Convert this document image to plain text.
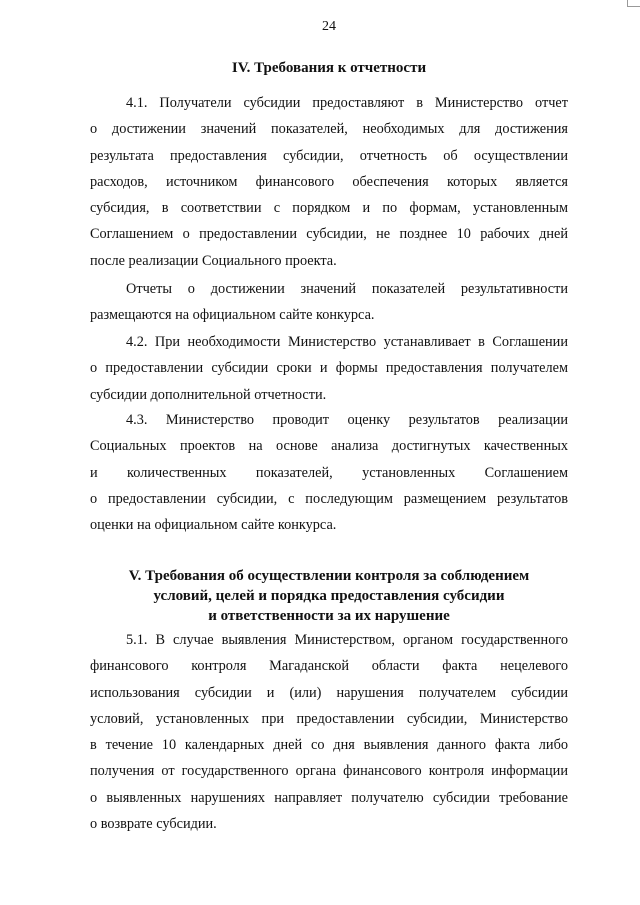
24
IV. Требования к отчетности
4.1. Получатели субсидии предоставляют в Министерство отчет
о достижении значений показателей, необходимых для достижения
результата предоставления субсидии, отчетность об осуществлении
расходов, источником финансового обеспечения которых является
субсидия, в соответствии с порядком и по формам, установленным
Соглашением о предоставлении субсидии, не позднее 10 рабочих дней
после реализации Социального проекта.
Отчеты о достижении значений показателей результативности
размещаются на официальном сайте конкурса.
4.2. При необходимости Министерство устанавливает в Соглашении
о предоставлении субсидии сроки и формы предоставления получателем
субсидии дополнительной отчетности.
4.3. Министерство проводит оценку результатов реализации
Социальных проектов на основе анализа достигнутых качественных
и количественных показателей, установленных Соглашением
о предоставлении субсидии, с последующим размещением результатов
оценки на официальном сайте конкурса.
V. Требования об осуществлении контроля за соблюдением
условий, целей и порядка предоставления субсидии
и ответственности за их нарушение
5.1. В случае выявления Министерством, органом государственного
финансового контроля Магаданской области факта нецелевого
использования субсидии и (или) нарушения получателем субсидии
условий, установленных при предоставлении субсидии, Министерство
в течение 10 календарных дней со дня выявления данного факта либо
получения от государственного органа финансового контроля информации
о выявленных нарушениях направляет получателю субсидии требование
о возврате субсидии.
